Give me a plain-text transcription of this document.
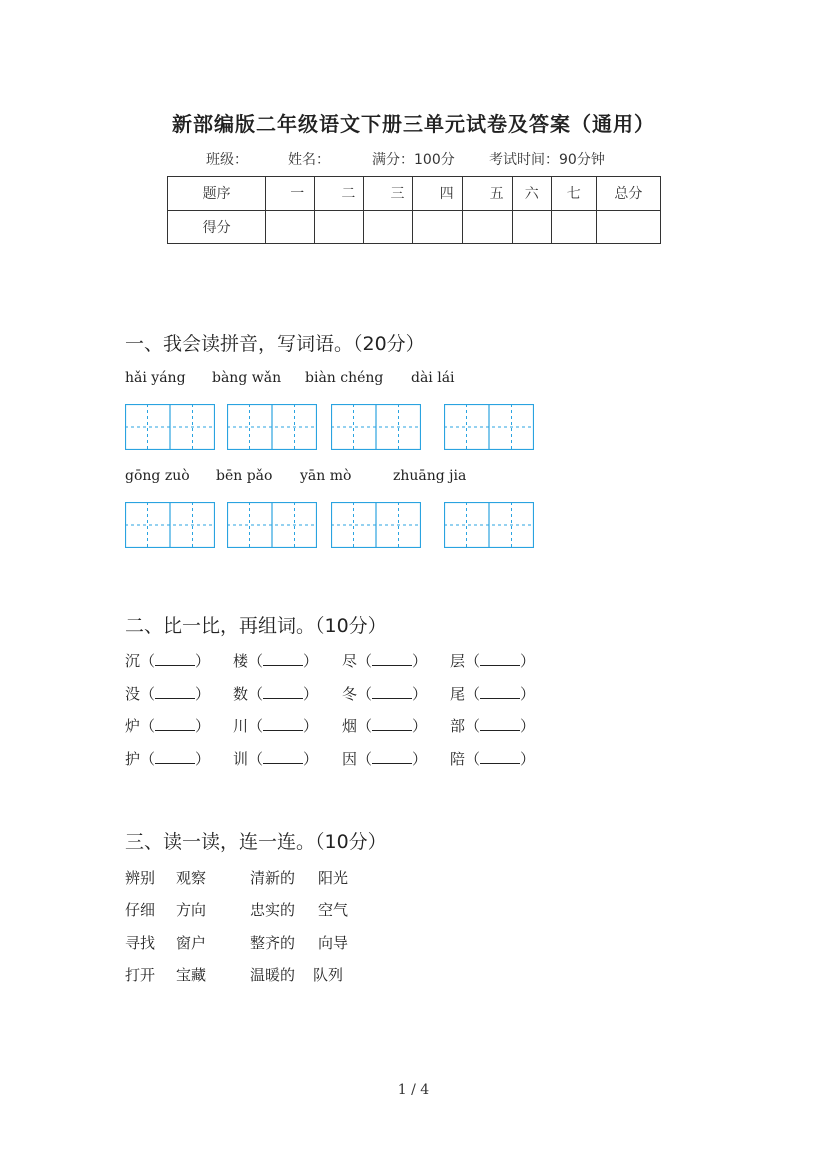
新部编版二年级语文下册三单元试卷及答案（通用）
班级：	姓名：	满分：100分 考试时间：90分钟
题序	一	二	三	四	五	六	七	总分
得分								
一、我会读拼音，写词语。（20分）
hǎi yáng bàng wǎn biàn chéng dài lái
gōng zuò bēn pǎo yān mò	zhuāng jia
二、比一比，再组词。（10分）
沉（	） 楼（	） 尽（	） 层（	）
没（	） 数（	） 冬（	） 尾（	）
炉（	） 川（	） 烟（	） 部（	）
护（	） 训（	） 因（	） 陪（	）
三、读一读，连一连。（10分）
辨别 观察	清新的 阳光
仔细 方向	忠实的 空气
寻找 窗户	整齐的 向导
打开 宝藏	温暖的 队列
1 / 4
